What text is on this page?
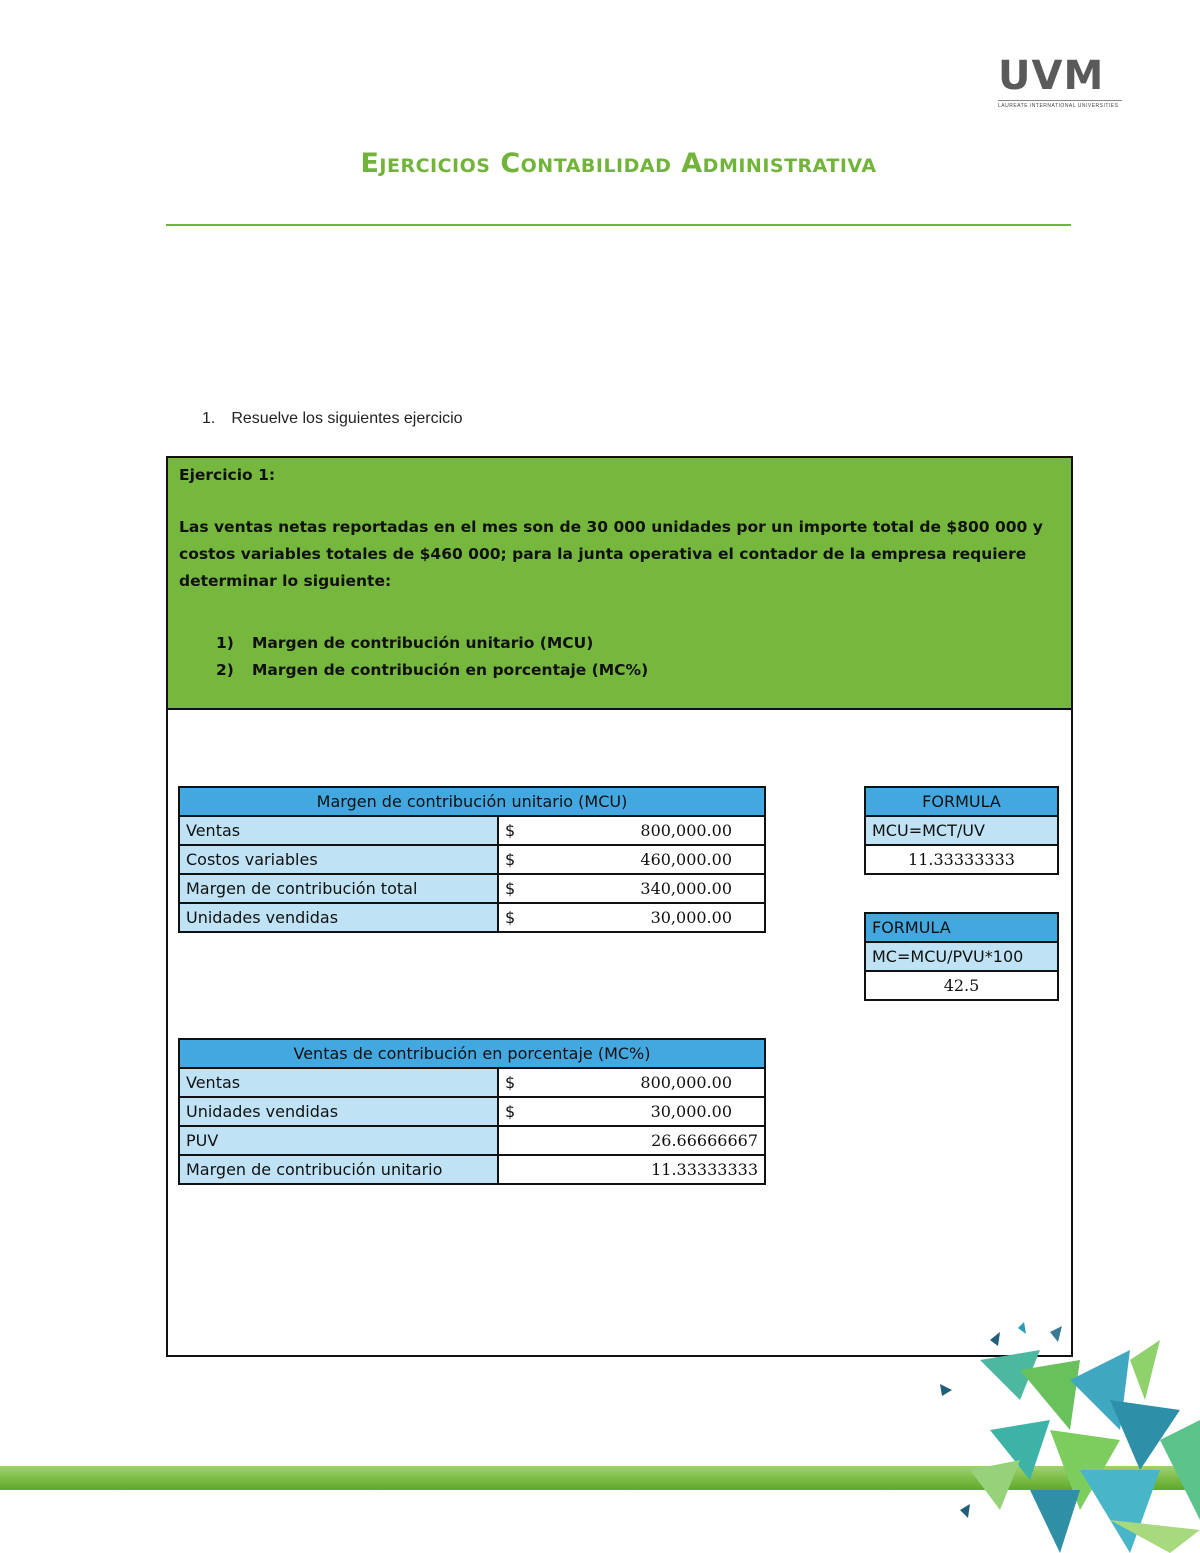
UVM
LAUREATE INTERNATIONAL UNIVERSITIES
Ejercicios Contabilidad Administrativa
1. Resuelve los siguientes ejercicio
Ejercicio 1:
Las ventas netas reportadas en el mes son de 30 000 unidades por un importe total de $800 000 y costos variables totales de $460 000; para la junta operativa el contador de la empresa requiere determinar lo siguiente:
1) Margen de contribución unitario (MCU)
2) Margen de contribución en porcentaje (MC%)
Margen de contribución unitario (MCU)		
Ventas	$	800,000.00
Costos variables	$	460,000.00
Margen de contribución total	$	340,000.00
Unidades vendidas	$	30,000.00
Ventas de contribución en porcentaje (MC%)		
Ventas	$	800,000.00
Unidades vendidas	$	30,000.00
PUV	26.66666667	
Margen de contribución unitario	11.33333333	
FORMULA
MCU=MCT/UV
11.33333333
FORMULA
MC=MCU/PVU*100
42.5
